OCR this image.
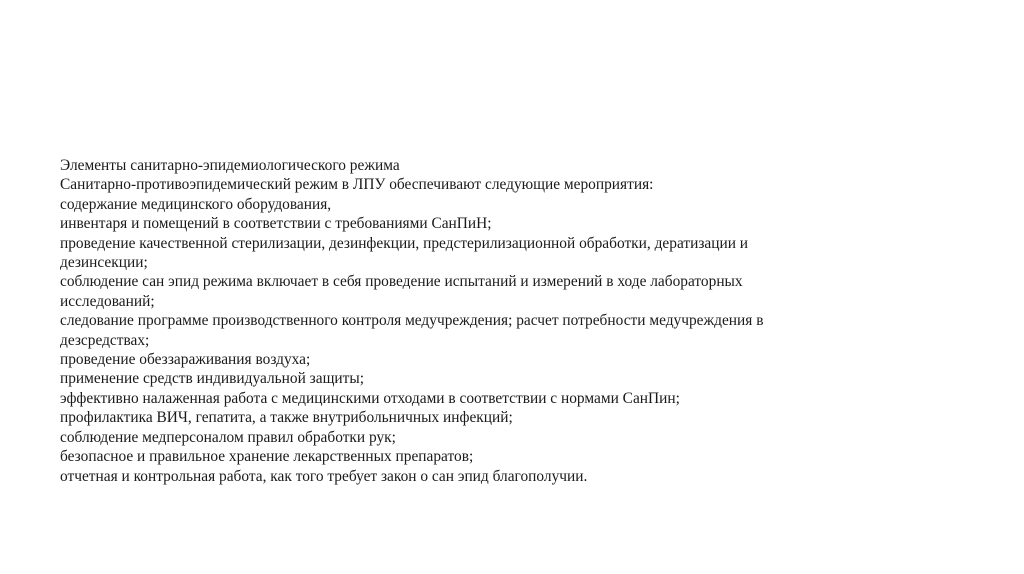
Элементы санитарно-эпидемиологического режима

Санитарно-противоэпидемический режим в ЛПУ обеспечивают следующие мероприятия:

содержание медицинского оборудования,

инвентаря и помещений в соответствии с требованиями СанПиН;

проведение качественной стерилизации, дезинфекции, предстерилизационной обработки, дератизации и

дезинсекции;

соблюдение сан эпид режима включает в себя проведение испытаний и измерений в ходе лабораторных

исследований;

следование программе производственного контроля медучреждения; расчет потребности медучреждения в

дезсредствах;

проведение обеззараживания воздуха;

применение средств индивидуальной защиты;

эффективно налаженная работа с медицинскими отходами в соответствии с нормами СанПин;

профилактика ВИЧ, гепатита, а также внутрибольничных инфекций;

соблюдение медперсоналом правил обработки рук;

безопасное и правильное хранение лекарственных препаратов;

отчетная и контрольная работа, как того требует закон о сан эпид благополучии.
